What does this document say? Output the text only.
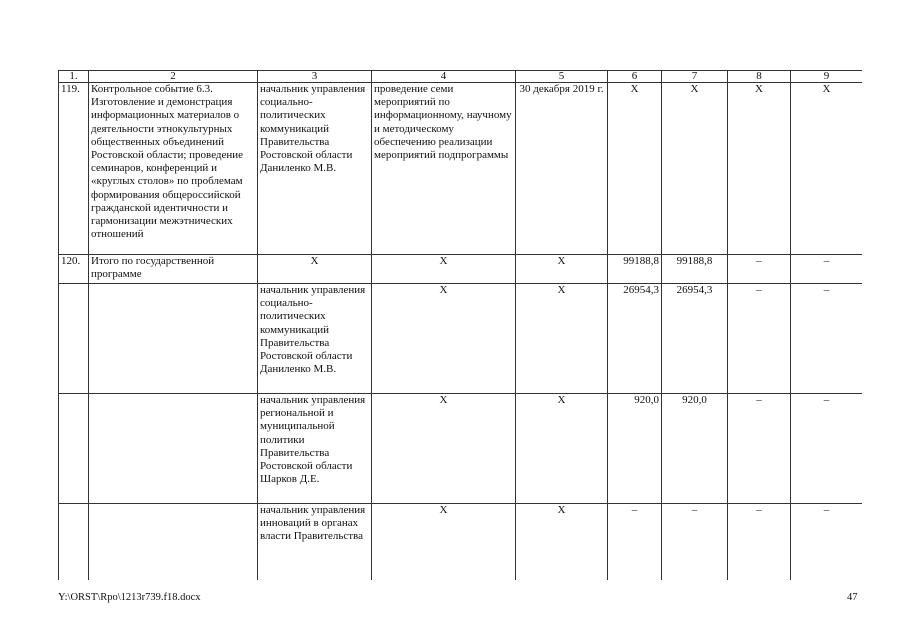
1.	2	3	4	5	6	7	8	9
119.	Контрольное событие 6.3. Изготовление и демонстрация информационных материалов о деятельности этнокультурных общественных объединений Ростовской области; проведение семинаров, конференций и «круглых столов» по проблемам формирования общероссийской гражданской идентичности и гармонизации межэтнических отношений	начальник управления социально-политических коммуникаций Правительства Ростовской области Даниленко М.В.	проведение семи мероприятий по информационному, научному и методическому обеспечению реализации мероприятий подпрограммы	30 декабря 2019 г.	Х	Х	Х	Х
120.	Итого по государственной программе	Х	Х	Х	99188,8	99188,8	–	–
		начальник управления социально-политических коммуникаций Правительства Ростовской области Даниленко М.В.	Х	Х	26954,3	26954,3	–	–
		начальник управления региональной и муниципальной политики Правительства Ростовской области Шарков Д.Е.	Х	Х	920,0	920,0	–	–
		начальник управления инноваций в органах власти Правительства	Х	Х	–	–	–	–
Y:\ORST\Rpo\1213r739.f18.docx	47
